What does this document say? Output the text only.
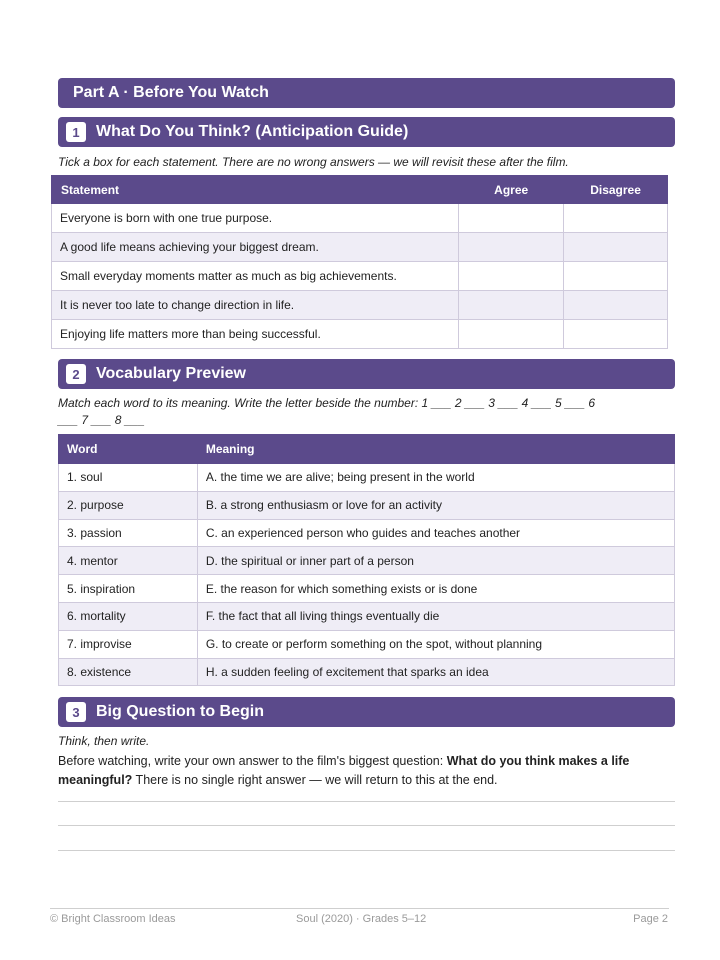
Part A · Before You Watch
1	What Do You Think? (Anticipation Guide)
Tick a box for each statement. There are no wrong answers — we will revisit these after the film.
Statement	Agree	Disagree
Everyone is born with one true purpose.		
A good life means achieving your biggest dream.		
Small everyday moments matter as much as big achievements.		
It is never too late to change direction in life.		
Enjoying life matters more than being successful.		
2	Vocabulary Preview
Match each word to its meaning. Write the letter beside the number: 1 ___ 2 ___ 3 ___ 4 ___ 5 ___ 6
___ 7 ___ 8 ___
Word	Meaning
1. soul	A. the time we are alive; being present in the world
2. purpose	B. a strong enthusiasm or love for an activity
3. passion	C. an experienced person who guides and teaches another
4. mentor	D. the spiritual or inner part of a person
5. inspiration	E. the reason for which something exists or is done
6. mortality	F. the fact that all living things eventually die
7. improvise	G. to create or perform something on the spot, without planning
8. existence	H. a sudden feeling of excitement that sparks an idea
3	Big Question to Begin
Think, then write.
Before watching, write your own answer to the film's biggest question: What do you think makes a life meaningful? There is no single right answer — we will return to this at the end.
© Bright Classroom Ideas	Soul (2020) · Grades 5–12	Page 2
